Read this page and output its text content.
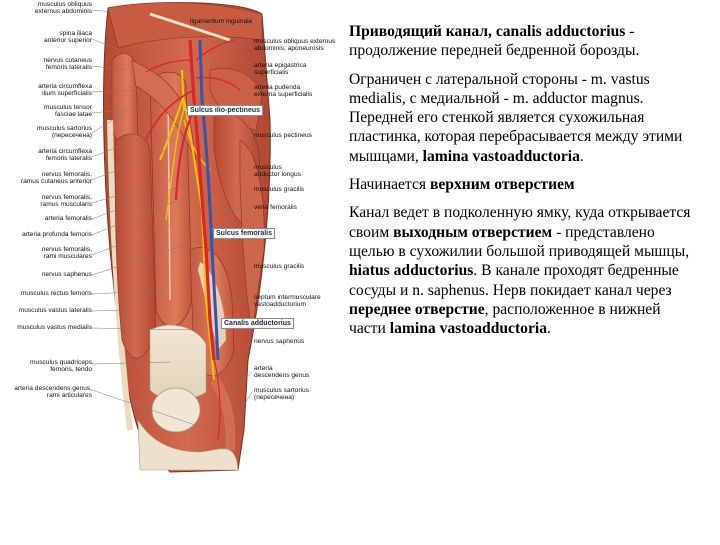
musculus obliquus
externus abdominis
spina iliaca
anterior superior
nervus cutaneus
femoris lateralis
arteria circumflexa
ilium superficialis
musculus tensor
fasciae latae
musculus sartorius
(пересечена)
arteria circumflexa
femoris lateralis
nervus femoralis,
ramus cutaneus anterior
nervus femoralis,
ramus muscularis
arteria femoralis
arteria profunda femoris
nervus femoralis,
rami musculares
nervus saphenus
musculus rectus femoris
musculus vastus lateralis
musculus vastus medialis
musculus quadriceps
femoris, tendo
arteria descendens genus,
rami articulares
ligamentum inguinale
musculus obliquus externus
abdominis, aponeurosis
arteria epigastrica
superficialis
arteria pudenda
externa superficialis
musculus pectineus
musculus
adductor longus
musculus gracilis
vena femoralis
musculus gracilis
septum intermusculare
vastoadductorium
nervus saphenus
arteria
descendens genus
musculus sartorius
(пересечена)
Sulcus ilio-pectineus
Sulcus femoralis
Canalis adductorius

Приводящий канал, canalis adductorius - продолжение передней бедренной борозды.

Ограничен с латеральной стороны - m. vastus medialis, с медиальной - m. adductor magnus. Передней его стенкой является сухожильная пластинка, которая перебрасывается между этими мышцами, lamina vastoadductoria.

Начинается верхним отверстием

Канал ведет в подколенную ямку, куда открывается своим выходным отверстием - представлено щелью в сухожилии большой приводящей мышцы, hiatus adductorius. В канале проходят бедренные сосуды и n. saphenus. Нерв покидает канал через переднее отверстие, расположенное в нижней части lamina vastoadductoria.
